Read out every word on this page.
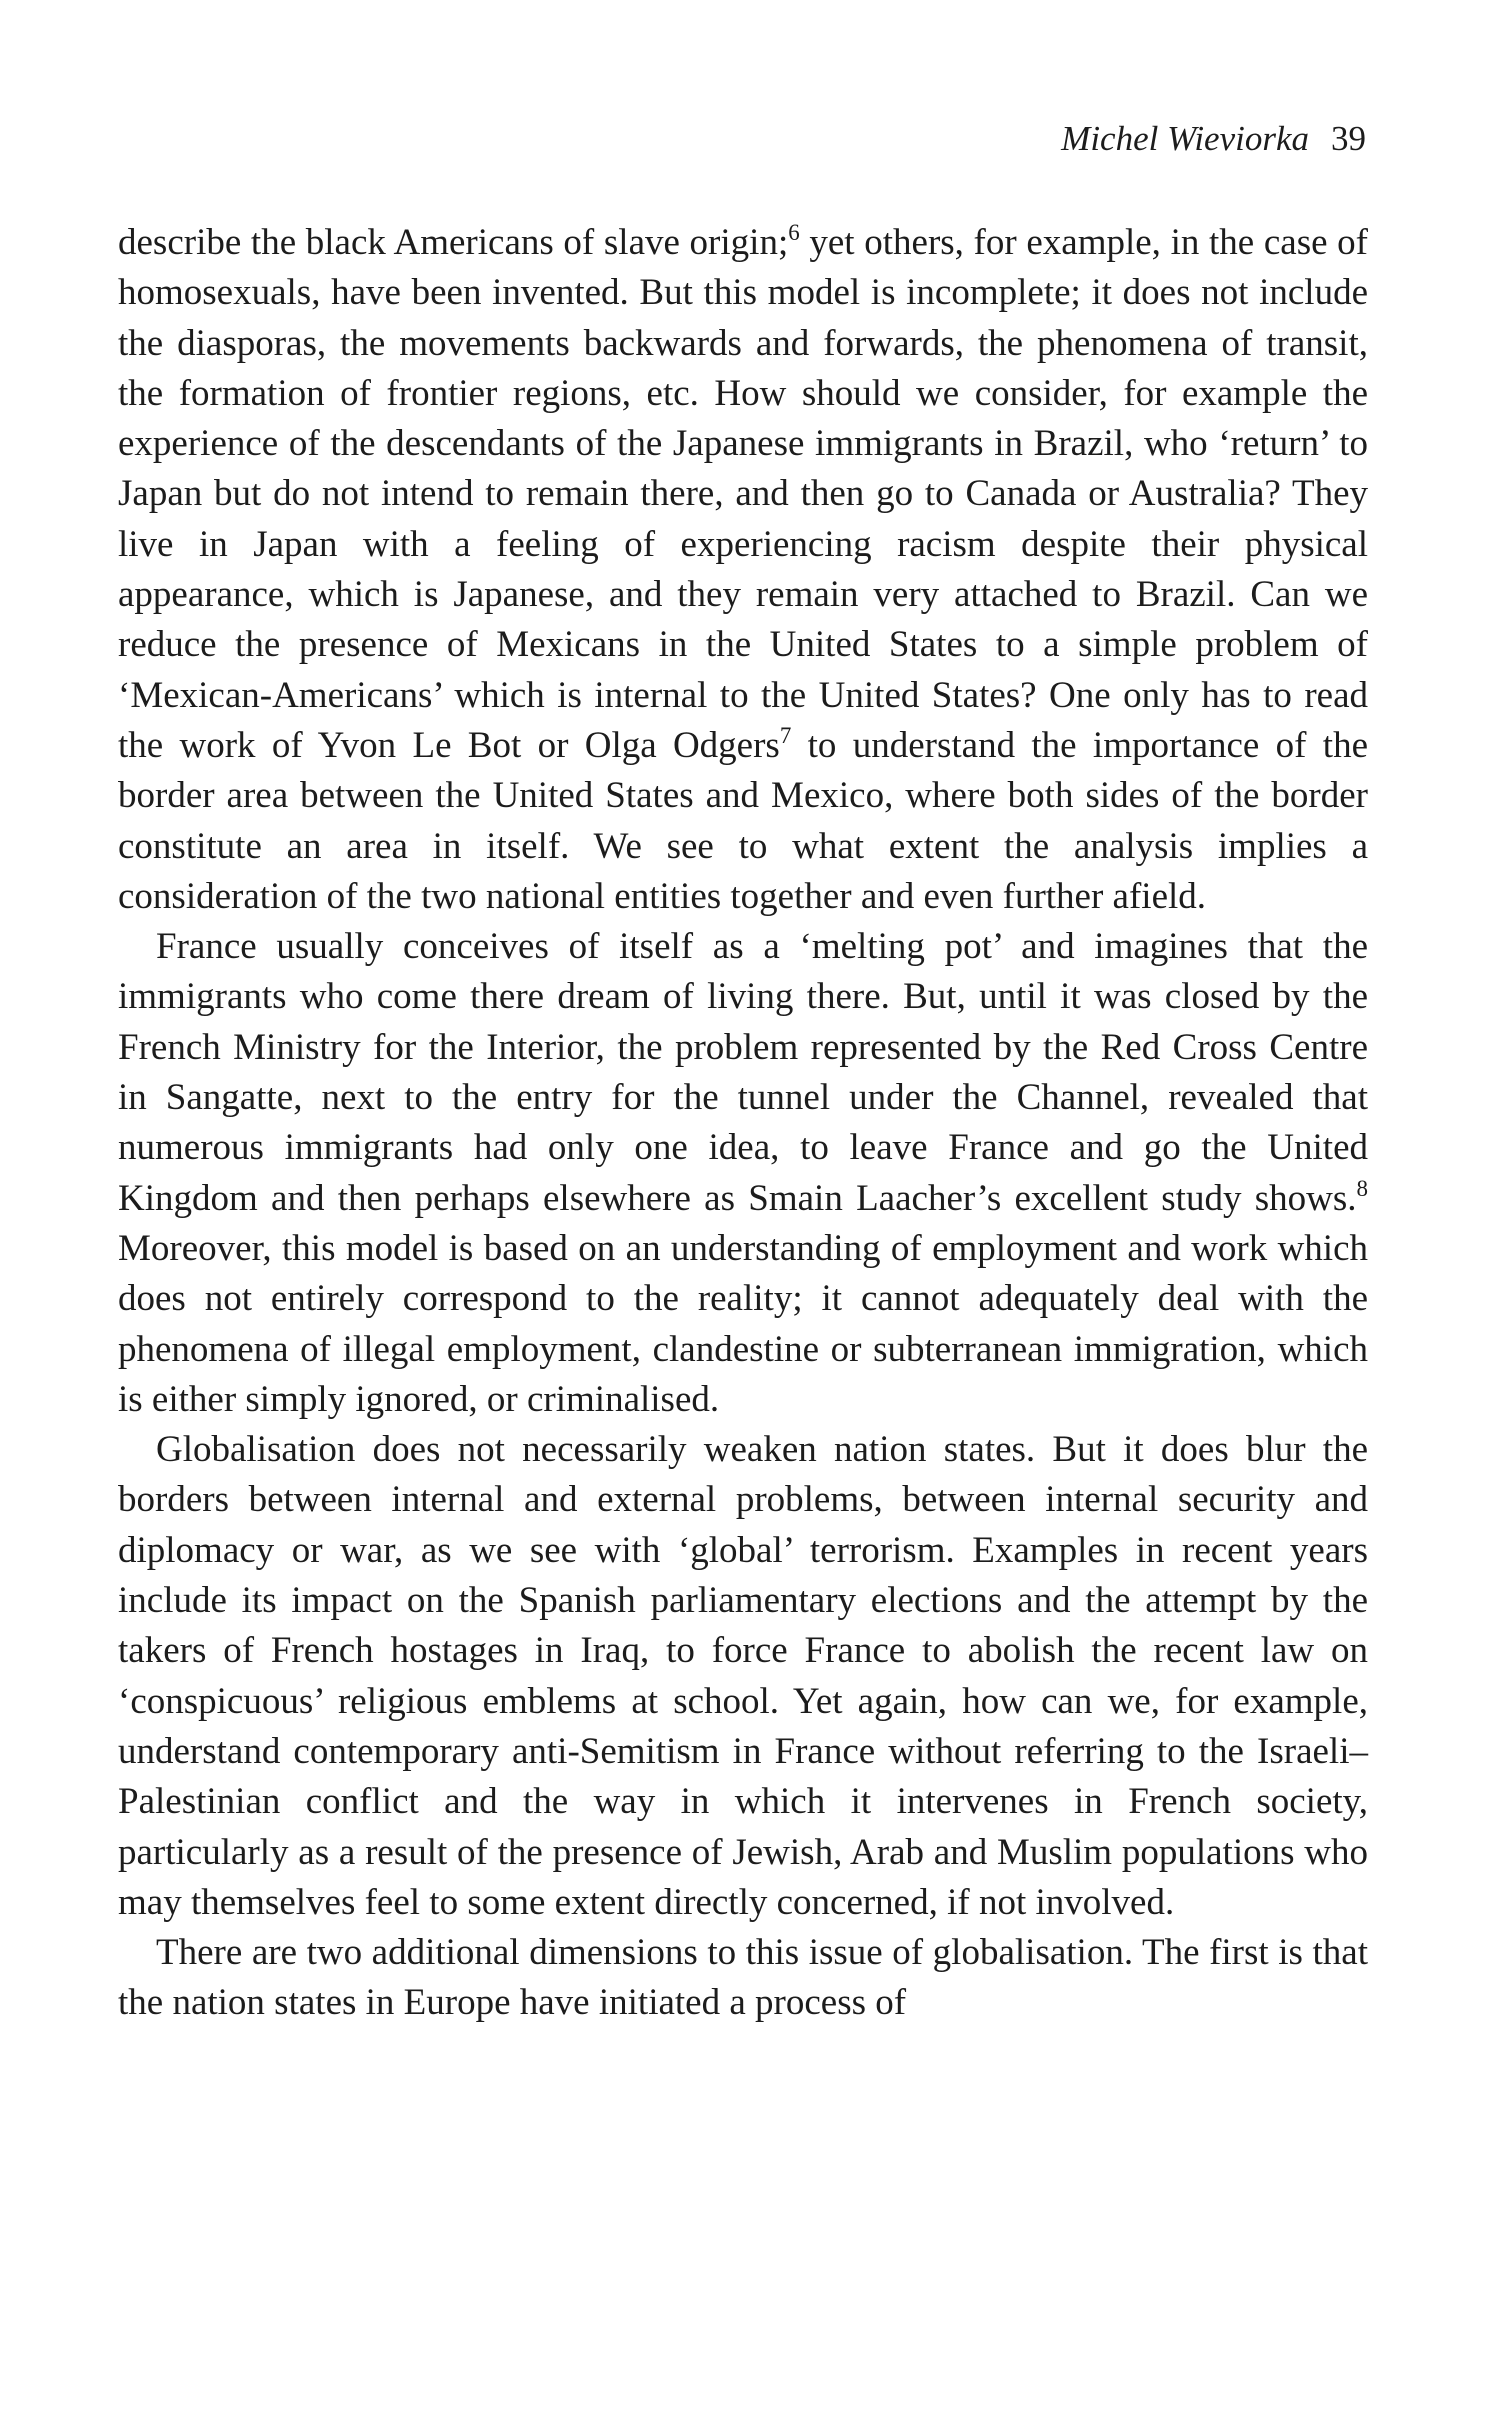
Michel Wieviorka 39

describe the black Americans of slave origin;$^6$ yet others, for example, in the case of homosexuals, have been invented. But this model is incomplete; it does not include the diasporas, the movements backwards and forwards, the phenomena of transit, the formation of frontier regions, etc. How should we consider, for example the experience of the descendants of the Japanese immigrants in Brazil, who ‘return’ to Japan but do not intend to remain there, and then go to Canada or Australia? They live in Japan with a feeling of experiencing racism despite their physical appearance, which is Japanese, and they remain very attached to Brazil. Can we reduce the presence of Mexicans in the United States to a simple problem of ‘Mexican-Americans’ which is internal to the United States? One only has to read the work of Yvon Le Bot or Olga Odgers$^7$ to understand the importance of the border area between the United States and Mexico, where both sides of the border constitute an area in itself. We see to what extent the analysis implies a consideration of the two national entities together and even further afield.

France usually conceives of itself as a ‘melting pot’ and imagines that the immigrants who come there dream of living there. But, until it was closed by the French Ministry for the Interior, the problem represented by the Red Cross Centre in Sangatte, next to the entry for the tunnel under the Channel, revealed that numerous immigrants had only one idea, to leave France and go the United Kingdom and then perhaps elsewhere as Smain Laacher’s excellent study shows.$^8$ Moreover, this model is based on an understanding of employment and work which does not entirely correspond to the reality; it cannot adequately deal with the phenomena of illegal employment, clandestine or subterranean immigration, which is either simply ignored, or criminalised.

Globalisation does not necessarily weaken nation states. But it does blur the borders between internal and external problems, between internal security and diplomacy or war, as we see with ‘global’ terrorism. Examples in recent years include its impact on the Spanish parliamentary elections and the attempt by the takers of French hostages in Iraq, to force France to abolish the recent law on ‘conspicuous’ religious emblems at school. Yet again, how can we, for example, understand contemporary anti-Semitism in France without referring to the Israeli–Palestinian conflict and the way in which it intervenes in French society, particularly as a result of the presence of Jewish, Arab and Muslim populations who may themselves feel to some extent directly concerned, if not involved.

There are two additional dimensions to this issue of globalisation. The first is that the nation states in Europe have initiated a process of
